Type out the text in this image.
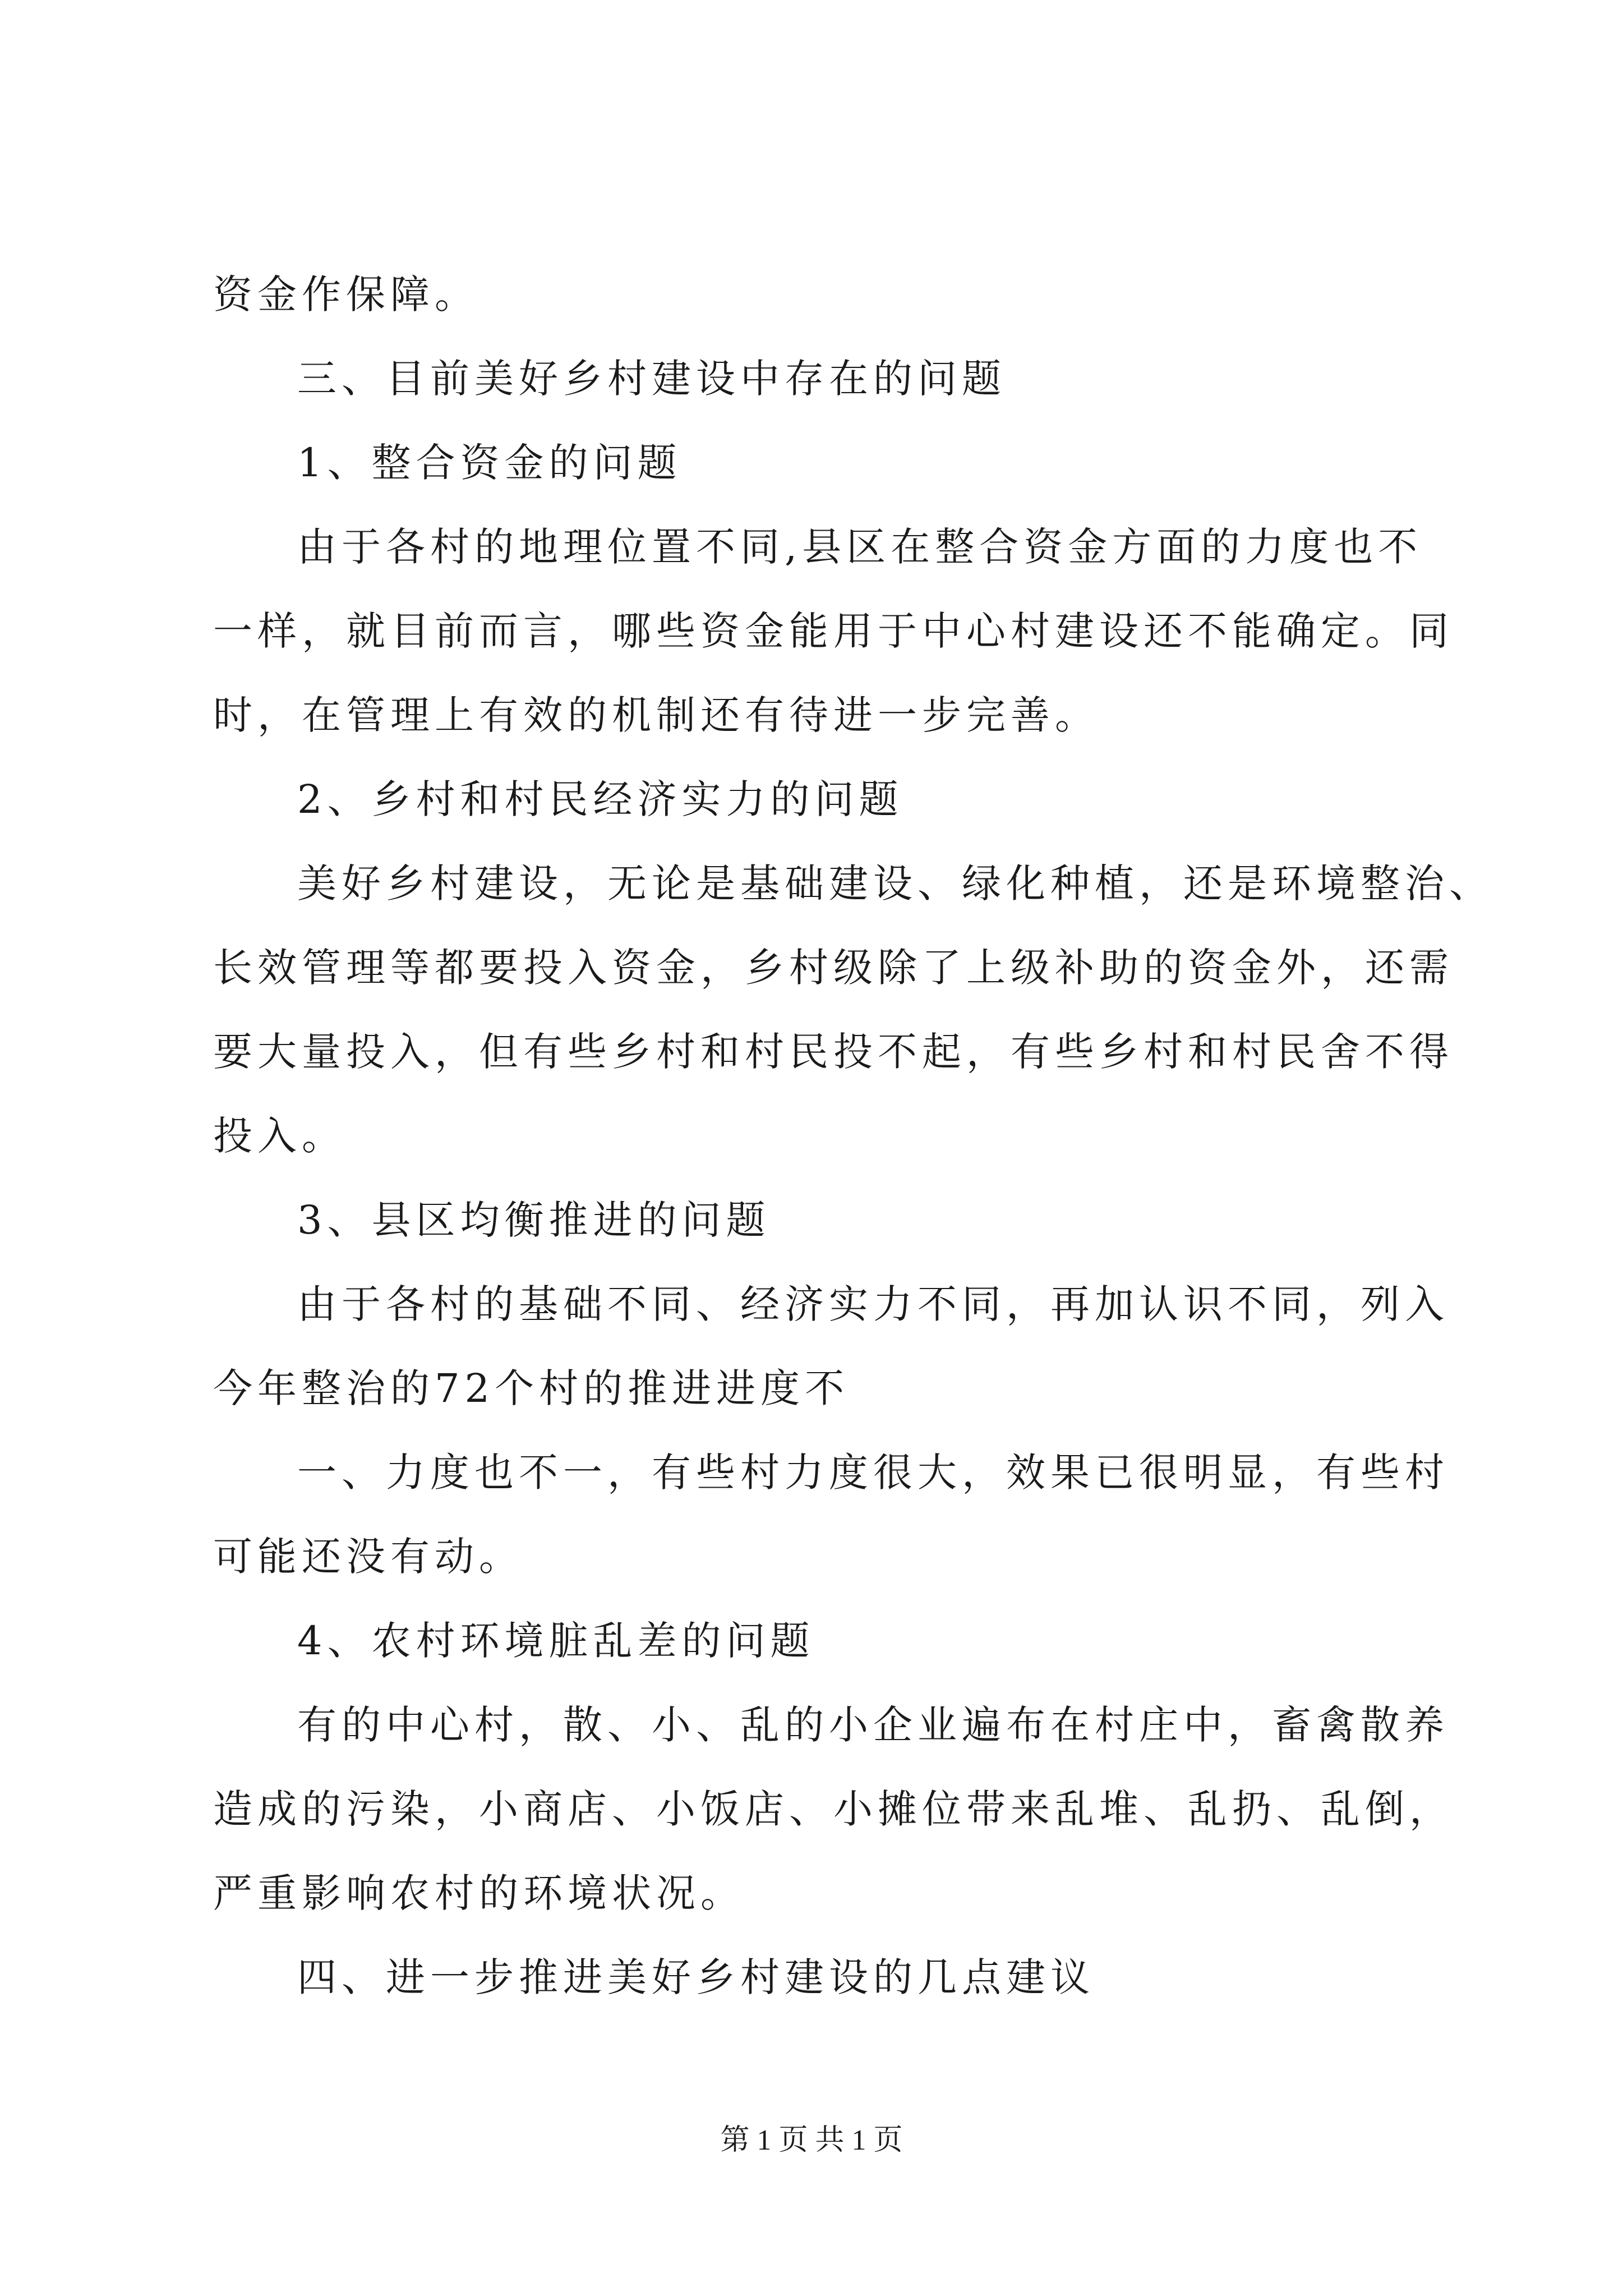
资金作保障。
三、目前美好乡村建设中存在的问题
1、整合资金的问题
由于各村的地理位置不同,县区在整合资金方面的力度也不
一样，就目前而言，哪些资金能用于中心村建设还不能确定。同
时，在管理上有效的机制还有待进一步完善。
2、乡村和村民经济实力的问题
美好乡村建设，无论是基础建设、绿化种植，还是环境整治、
长效管理等都要投入资金，乡村级除了上级补助的资金外，还需
要大量投入，但有些乡村和村民投不起，有些乡村和村民舍不得
投入。
3、县区均衡推进的问题
由于各村的基础不同、经济实力不同，再加认识不同，列入
今年整治的72个村的推进进度不
一、力度也不一，有些村力度很大，效果已很明显，有些村
可能还没有动。
4、农村环境脏乱差的问题
有的中心村，散、小、乱的小企业遍布在村庄中，畜禽散养
造成的污染，小商店、小饭店、小摊位带来乱堆、乱扔、乱倒，
严重影响农村的环境状况。
四、进一步推进美好乡村建设的几点建议
第 1 页 共 1 页
